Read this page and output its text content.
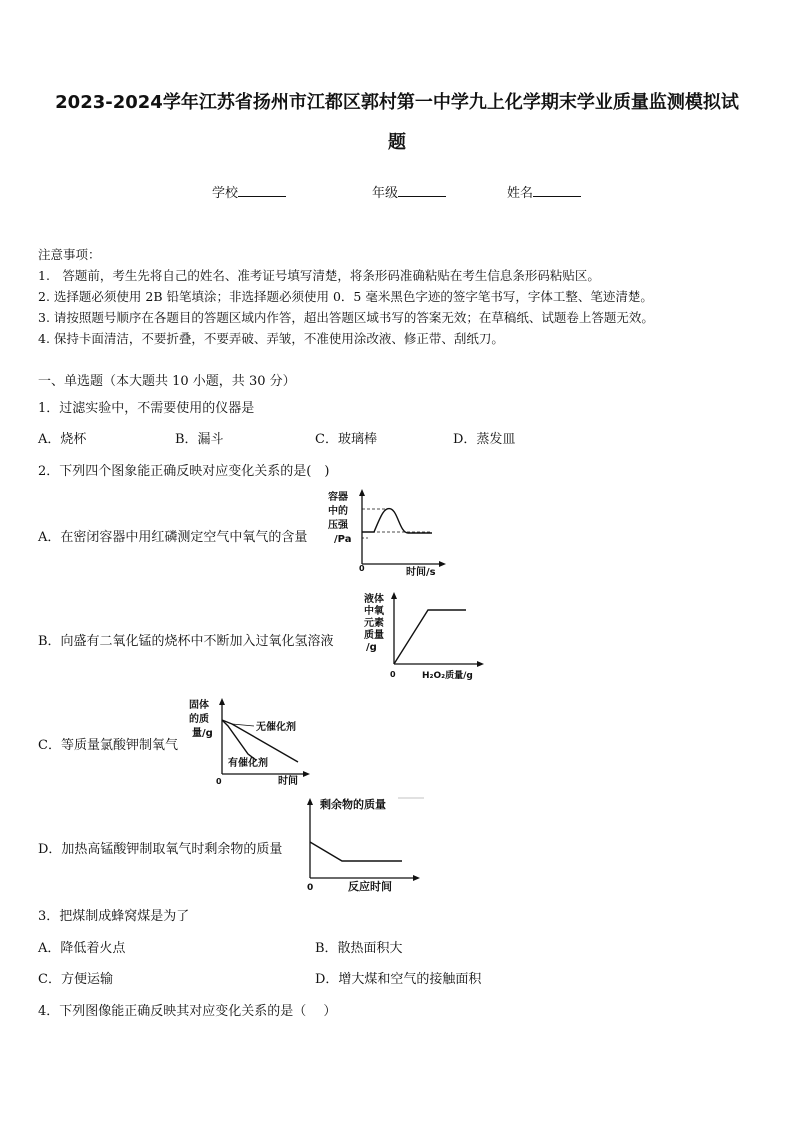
2023-2024学年江苏省扬州市江都区郭村第一中学九上化学期末学业质量监测模拟试
题
学校	年级	姓名
注意事项：
1.　答题前，考生先将自己的姓名、准考证号填写清楚，将条形码准确粘贴在考生信息条形码粘贴区。
2. 选择题必须使用 2B 铅笔填涂；非选择题必须使用 0．5 毫米黑色字迹的签字笔书写，字体工整、笔迹清楚。
3. 请按照题号顺序在各题目的答题区域内作答，超出答题区域书写的答案无效；在草稿纸、试题卷上答题无效。
4. 保持卡面清洁，不要折叠，不要弄破、弄皱，不准使用涂改液、修正带、刮纸刀。
一、单选题（本大题共 10 小题，共 30 分）
1．过滤实验中，不需要使用的仪器是
A．烧杯	B．漏斗	C．玻璃棒	D．蒸发皿
2．下列四个图象能正确反映对应变化关系的是(　)
A．在密闭容器中用红磷测定空气中氧气的含量
B．向盛有二氧化锰的烧杯中不断加入过氧化氢溶液
C．等质量氯酸钾制氧气
D．加热高锰酸钾制取氧气时剩余物的质量
容器
中的
压强
/Pa
0	时间/s
液体
中氧
元素
质量
/g
0	H₂O₂质量/g
固体
的质
量/g
0	时间
无催化剂
有催化剂
剩余物的质量
0	反应时间
3．把煤制成蜂窝煤是为了
A．降低着火点	B．散热面积大
C．方便运输	D．增大煤和空气的接触面积
4．下列图像能正确反映其对应变化关系的是（　 ）
